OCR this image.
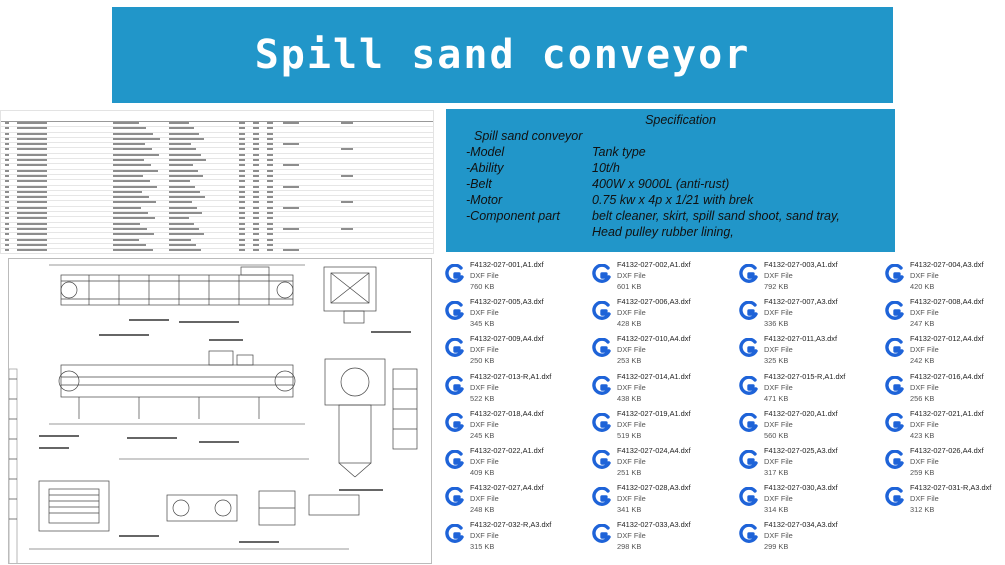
Spill sand conveyor
Specification
Spill sand conveyor
-Model	Tank type
-Ability	10t/h
-Belt	400W x 9000L (anti-rust)
-Motor	0.75 kw x 4p x 1/21 with brek
-Component part	belt cleaner, skirt, spill sand shoot, sand tray,
Head pulley rubber lining,
F4132-027-001,A1.dxf
DXF File
760 KB
F4132-027-002,A1.dxf
DXF File
601 KB
F4132-027-003,A1.dxf
DXF File
792 KB
F4132-027-004,A3.dxf
DXF File
420 KB
F4132-027-005,A3.dxf
DXF File
345 KB
F4132-027-006,A3.dxf
DXF File
428 KB
F4132-027-007,A3.dxf
DXF File
336 KB
F4132-027-008,A4.dxf
DXF File
247 KB
F4132-027-009,A4.dxf
DXF File
250 KB
F4132-027-010,A4.dxf
DXF File
253 KB
F4132-027-011,A3.dxf
DXF File
325 KB
F4132-027-012,A4.dxf
DXF File
242 KB
F4132-027-013-R,A1.dxf
DXF File
522 KB
F4132-027-014,A1.dxf
DXF File
438 KB
F4132-027-015-R,A1.dxf
DXF File
471 KB
F4132-027-016,A4.dxf
DXF File
256 KB
F4132-027-018,A4.dxf
DXF File
245 KB
F4132-027-019,A1.dxf
DXF File
519 KB
F4132-027-020,A1.dxf
DXF File
560 KB
F4132-027-021,A1.dxf
DXF File
423 KB
F4132-027-022,A1.dxf
DXF File
409 KB
F4132-027-024,A4.dxf
DXF File
251 KB
F4132-027-025,A3.dxf
DXF File
317 KB
F4132-027-026,A4.dxf
DXF File
259 KB
F4132-027-027,A4.dxf
DXF File
248 KB
F4132-027-028,A3.dxf
DXF File
341 KB
F4132-027-030,A3.dxf
DXF File
314 KB
F4132-027-031-R,A3.dxf
DXF File
312 KB
F4132-027-032-R,A3.dxf
DXF File
315 KB
F4132-027-033,A3.dxf
DXF File
298 KB
F4132-027-034,A3.dxf
DXF File
299 KB
